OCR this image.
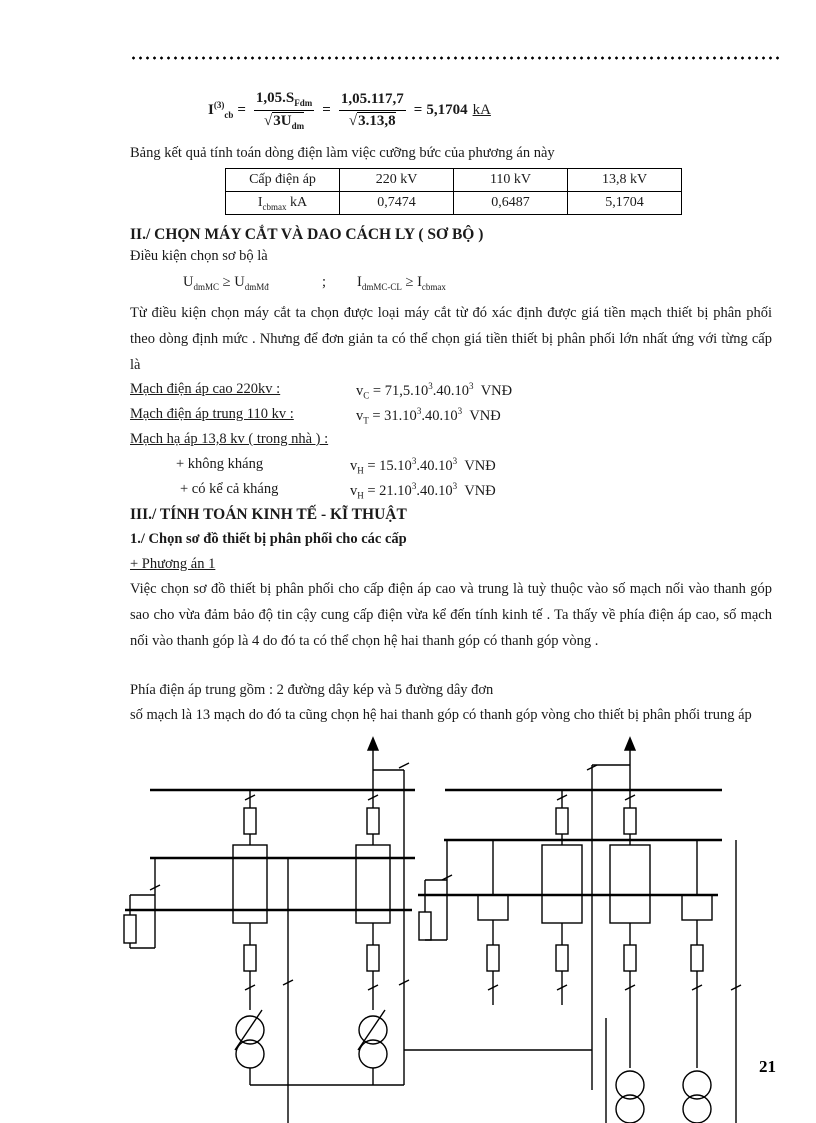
$I^{(3)}_{cb} = \frac{1,05.S_{Fdm}}{√3U_{dm}} = \frac{1,05.117,7}{√3.13,8} = 5,1704$ kA
Bảng kết quả tính toán dòng điện làm việc cưỡng bức của phương án này
Cấp điện áp	220 kV	110 kV	13,8 kV
$I_{cbmax}$ kA	0,7474	0,6487	5,1704
II./ CHỌN MÁY CẮT VÀ DAO CÁCH LY ( SƠ BỘ )
Điều kiện chọn sơ bộ là
$U_{dmMC} \ge U_{dmMđ}$	; $I_{dmMC-CL} \ge I_{cbmax}$
Từ điều kiện chọn máy cắt ta chọn được loại máy cắt từ đó xác định được giá tiền mạch thiết bị phân phối theo dòng định mức . Nhưng để đơn giản ta có thể chọn giá tiền thiết bị phân phối lớn nhất ứng với từng cấp là
Mạch điện áp cao 220kv :	$v_C = 71,5.10^3.40.10^3$ VNĐ
Mạch điện áp trung 110 kv :	$v_T = 31.10^3.40.10^3$ VNĐ
Mạch hạ áp 13,8 kv ( trong nhà ) :
+ không kháng	$v_H = 15.10^3.40.10^3$ VNĐ
+ có kể cả kháng	$v_H = 21.10^3.40.10^3$ VNĐ
III./ TÍNH TOÁN KINH TẾ - KĨ THUẬT
1./ Chọn sơ đồ thiết bị phân phối cho các cấp
+ Phương án 1
Việc chọn sơ đồ thiết bị phân phối cho cấp điện áp cao và trung là tuỳ thuộc vào số mạch nối vào thanh góp sao cho vừa đảm bảo độ tin cậy cung cấp điện vừa kể đến tính kinh tế . Ta thấy về phía điện áp cao, số mạch nối vào thanh góp là 4 do đó ta có thể chọn hệ hai thanh góp có thanh góp vòng .
Phía điện áp trung gồm : 2 đường dây kép và 5 đường dây đơn
số mạch là 13 mạch do đó ta cũng chọn hệ hai thanh góp có thanh góp vòng cho thiết bị phân phối trung áp
21
